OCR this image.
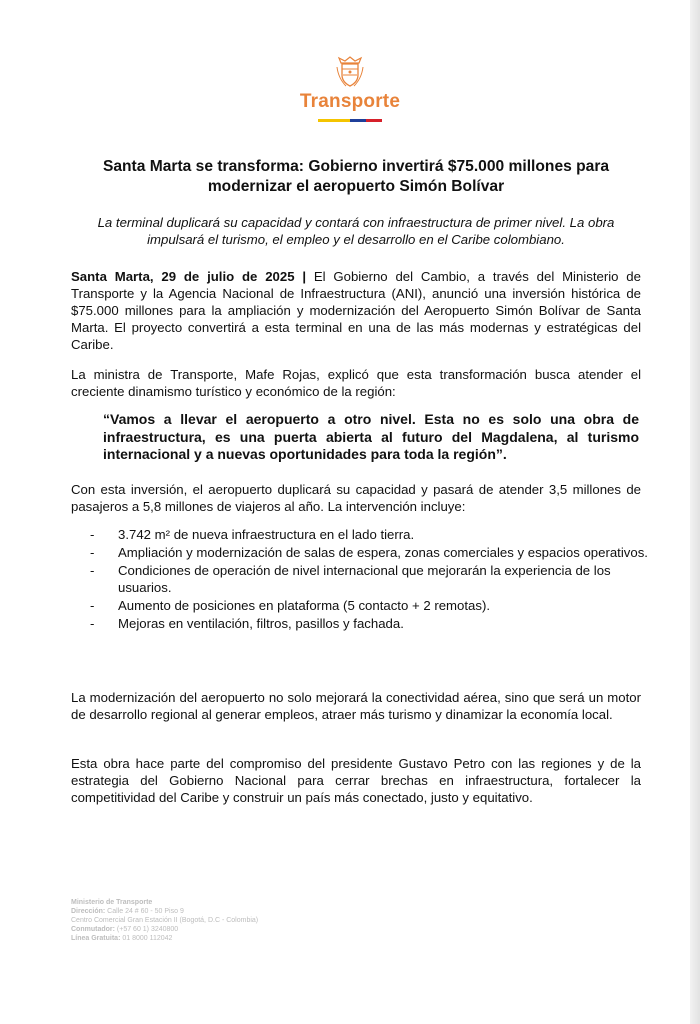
Transporte
Santa Marta se transforma: Gobierno invertirá $75.000 millones para modernizar el aeropuerto Simón Bolívar

La terminal duplicará su capacidad y contará con infraestructura de primer nivel. La obra impulsará el turismo, el empleo y el desarrollo en el Caribe colombiano.

Santa Marta, 29 de julio de 2025 | El Gobierno del Cambio, a través del Ministerio de Transporte y la Agencia Nacional de Infraestructura (ANI), anunció una inversión histórica de $75.000 millones para la ampliación y modernización del Aeropuerto Simón Bolívar de Santa Marta. El proyecto convertirá a esta terminal en una de las más modernas y estratégicas del Caribe.

La ministra de Transporte, Mafe Rojas, explicó que esta transformación busca atender el creciente dinamismo turístico y económico de la región:

“Vamos a llevar el aeropuerto a otro nivel. Esta no es solo una obra de infraestructura, es una puerta abierta al futuro del Magdalena, al turismo internacional y a nuevas oportunidades para toda la región”.

Con esta inversión, el aeropuerto duplicará su capacidad y pasará de atender 3,5 millones de pasajeros a 5,8 millones de viajeros al año. La intervención incluye:

- 3.742 m² de nueva infraestructura en el lado tierra.
- Ampliación y modernización de salas de espera, zonas comerciales y espacios operativos.
- Condiciones de operación de nivel internacional que mejorarán la experiencia de los usuarios.
- Aumento de posiciones en plataforma (5 contacto + 2 remotas).
- Mejoras en ventilación, filtros, pasillos y fachada.

La modernización del aeropuerto no solo mejorará la conectividad aérea, sino que será un motor de desarrollo regional al generar empleos, atraer más turismo y dinamizar la economía local.

Esta obra hace parte del compromiso del presidente Gustavo Petro con las regiones y de la estrategia del Gobierno Nacional para cerrar brechas en infraestructura, fortalecer la competitividad del Caribe y construir un país más conectado, justo y equitativo.

Ministerio de Transporte
Dirección: Calle 24 # 60 - 50 Piso 9
Centro Comercial Gran Estación II (Bogotá, D.C - Colombia)
Conmutador: (+57 60 1) 3240800
Línea Gratuita: 01 8000 112042
